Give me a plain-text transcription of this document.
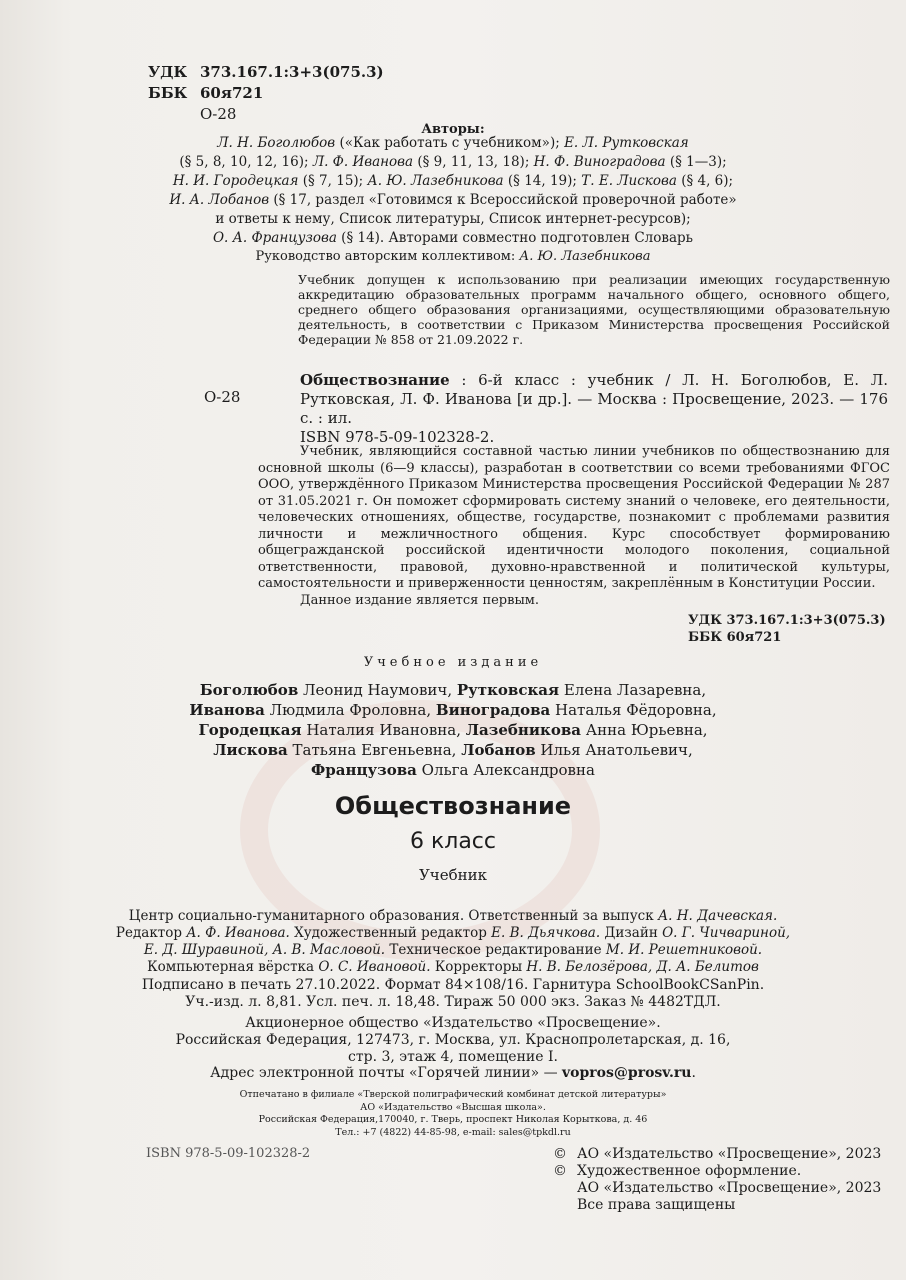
УДК 373.167.1:3+3(075.3)
ББК 60я721
О-28
Авторы:
Л. Н. Боголюбов («Как работать с учебником»); Е. Л. Рутковская
(§ 5, 8, 10, 12, 16); Л. Ф. Иванова (§ 9, 11, 13, 18); Н. Ф. Виноградова (§ 1—3);
Н. И. Городецкая (§ 7, 15); А. Ю. Лазебникова (§ 14, 19); Т. Е. Лискова (§ 4, 6);
И. А. Лобанов (§ 17, раздел «Готовимся к Всероссийской проверочной работе»
и ответы к нему, Список литературы, Список интернет-ресурсов);
О. А. Французова (§ 14). Авторами совместно подготовлен Словарь
Руководство авторским коллективом: А. Ю. Лазебникова
Учебник допущен к использованию при реализации имеющих государственную аккредитацию образовательных программ начального общего, основного общего, среднего общего образования организациями, осуществляющими образовательную деятельность, в соответствии с Приказом Министерства просвещения Российской Федерации № 858 от 21.09.2022 г.
О-28
Обществознание : 6-й класс : учебник / Л. Н. Боголюбов, Е. Л. Рутковская, Л. Ф. Иванова [и др.]. — Москва : Просвещение, 2023. — 176 с. : ил.
ISBN 978-5-09-102328-2.

Учебник, являющийся составной частью линии учебников по обществознанию для основной школы (6—9 классы), разработан в соответствии со всеми требованиями ФГОС ООО, утверждённого Приказом Министерства просвещения Российской Федерации № 287 от 31.05.2021 г. Он поможет сформировать систему знаний о человеке, его деятельности, человеческих отношениях, обществе, государстве, познакомит с проблемами развития личности и межличностного общения. Курс способствует формированию общегражданской российской идентичности молодого поколения, социальной ответственности, правовой, духовно-нравственной и политической культуры, самостоятельности и приверженности ценностям, закреплённым в Конституции России.

Данное издание является первым.

УДК 373.167.1:3+3(075.3)
ББК 60я721
Учебное издание
Боголюбов Леонид Наумович, Рутковская Елена Лазаревна,
Иванова Людмила Фроловна, Виноградова Наталья Фёдоровна,
Городецкая Наталия Ивановна, Лазебникова Анна Юрьевна,
Лискова Татьяна Евгеньевна, Лобанов Илья Анатольевич,
Французова Ольга Александровна
Обществознание
6 класс
Учебник
Центр социально-гуманитарного образования. Ответственный за выпуск А. Н. Дачевская.
Редактор А. Ф. Иванова. Художественный редактор Е. В. Дьячкова. Дизайн О. Г. Чичвариной,
Е. Д. Шуравиной, А. В. Масловой. Техническое редактирование М. И. Решетниковой.
Компьютерная вёрстка О. С. Ивановой. Корректоры Н. В. Белозёрова, Д. А. Белитов
Подписано в печать 27.10.2022. Формат 84×108/16. Гарнитура SchoolBookCSanPin.
Уч.-изд. л. 8,81. Усл. печ. л. 18,48. Тираж 50 000 экз. Заказ № 4482ТДЛ.
Акционерное общество «Издательство «Просвещение».
Российская Федерация, 127473, г. Москва, ул. Краснопролетарская, д. 16,
стр. 3, этаж 4, помещение I.
Адрес электронной почты «Горячей линии» — vopros@prosv.ru.
Отпечатано в филиале «Тверской полиграфический комбинат детской литературы»
АО «Издательство «Высшая школа».
Российская Федерация,170040, г. Тверь, проспект Николая Корыткова, д. 46
Тел.: +7 (4822) 44-85-98, e-mail: sales@tpkdl.ru
ISBN 978-5-09-102328-2	© АО «Издательство «Просвещение», 2023
© Художественное оформление.
АО «Издательство «Просвещение», 2023
Все права защищены
